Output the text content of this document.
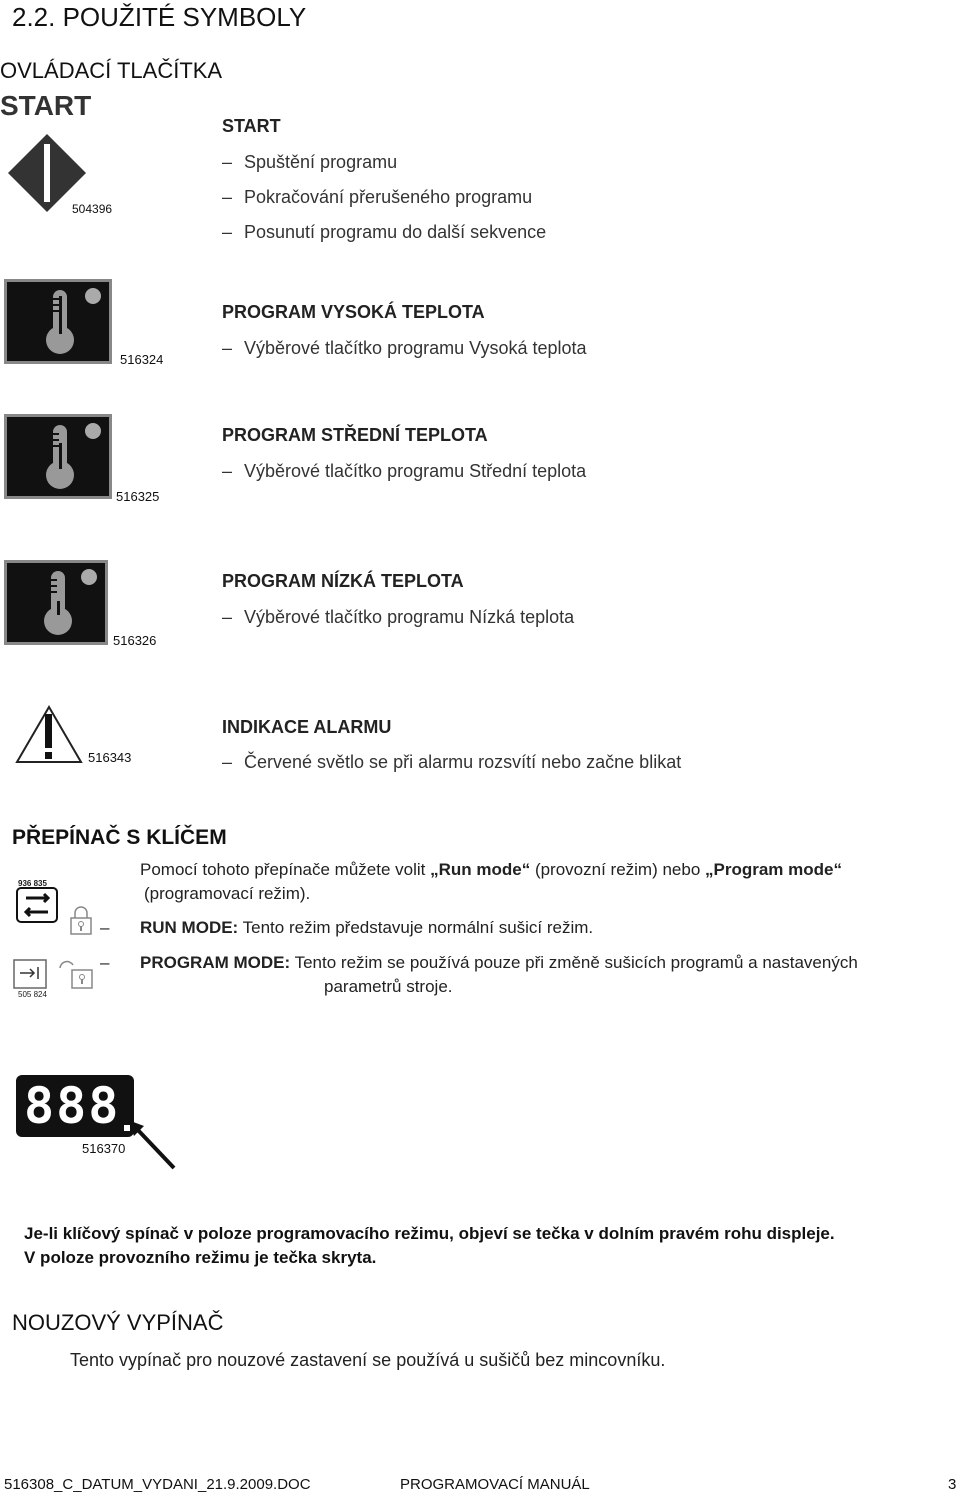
2.2. POUŽITÉ SYMBOLY
OVLÁDACÍ TLAČÍTKA
START
504396
START
– Spuštění programu
– Pokračování přerušeného programu
– Posunutí programu do další sekvence
516324
PROGRAM VYSOKÁ TEPLOTA
– Výběrové tlačítko programu Vysoká teplota
516325
PROGRAM STŘEDNÍ TEPLOTA
– Výběrové tlačítko programu Střední teplota
516326
PROGRAM NÍZKÁ TEPLOTA
– Výběrové tlačítko programu Nízká teplota
516343
INDIKACE ALARMU
– Červené světlo se při alarmu rozsvítí nebo začne blikat
PŘEPÍNAČ S KLÍČEM
936 835
505 824
Pomocí tohoto přepínače můžete volit „Run mode“ (provozní režim) nebo „Program mode“
(programovací režim).
– RUN MODE: Tento režim představuje normální sušicí režim.
– PROGRAM MODE: Tento režim se používá pouze při změně sušicích programů a nastavených
parametrů stroje.
888
516370
Je-li klíčový spínač v poloze programovacího režimu, objeví se tečka v dolním pravém rohu displeje.
V poloze provozního režimu je tečka skryta.
NOUZOVÝ VYPÍNAČ
Tento vypínač pro nouzové zastavení se používá u sušičů bez mincovníku.
516308_C_DATUM_VYDANI_21.9.2009.DOC	PROGRAMOVACÍ MANUÁL	3
